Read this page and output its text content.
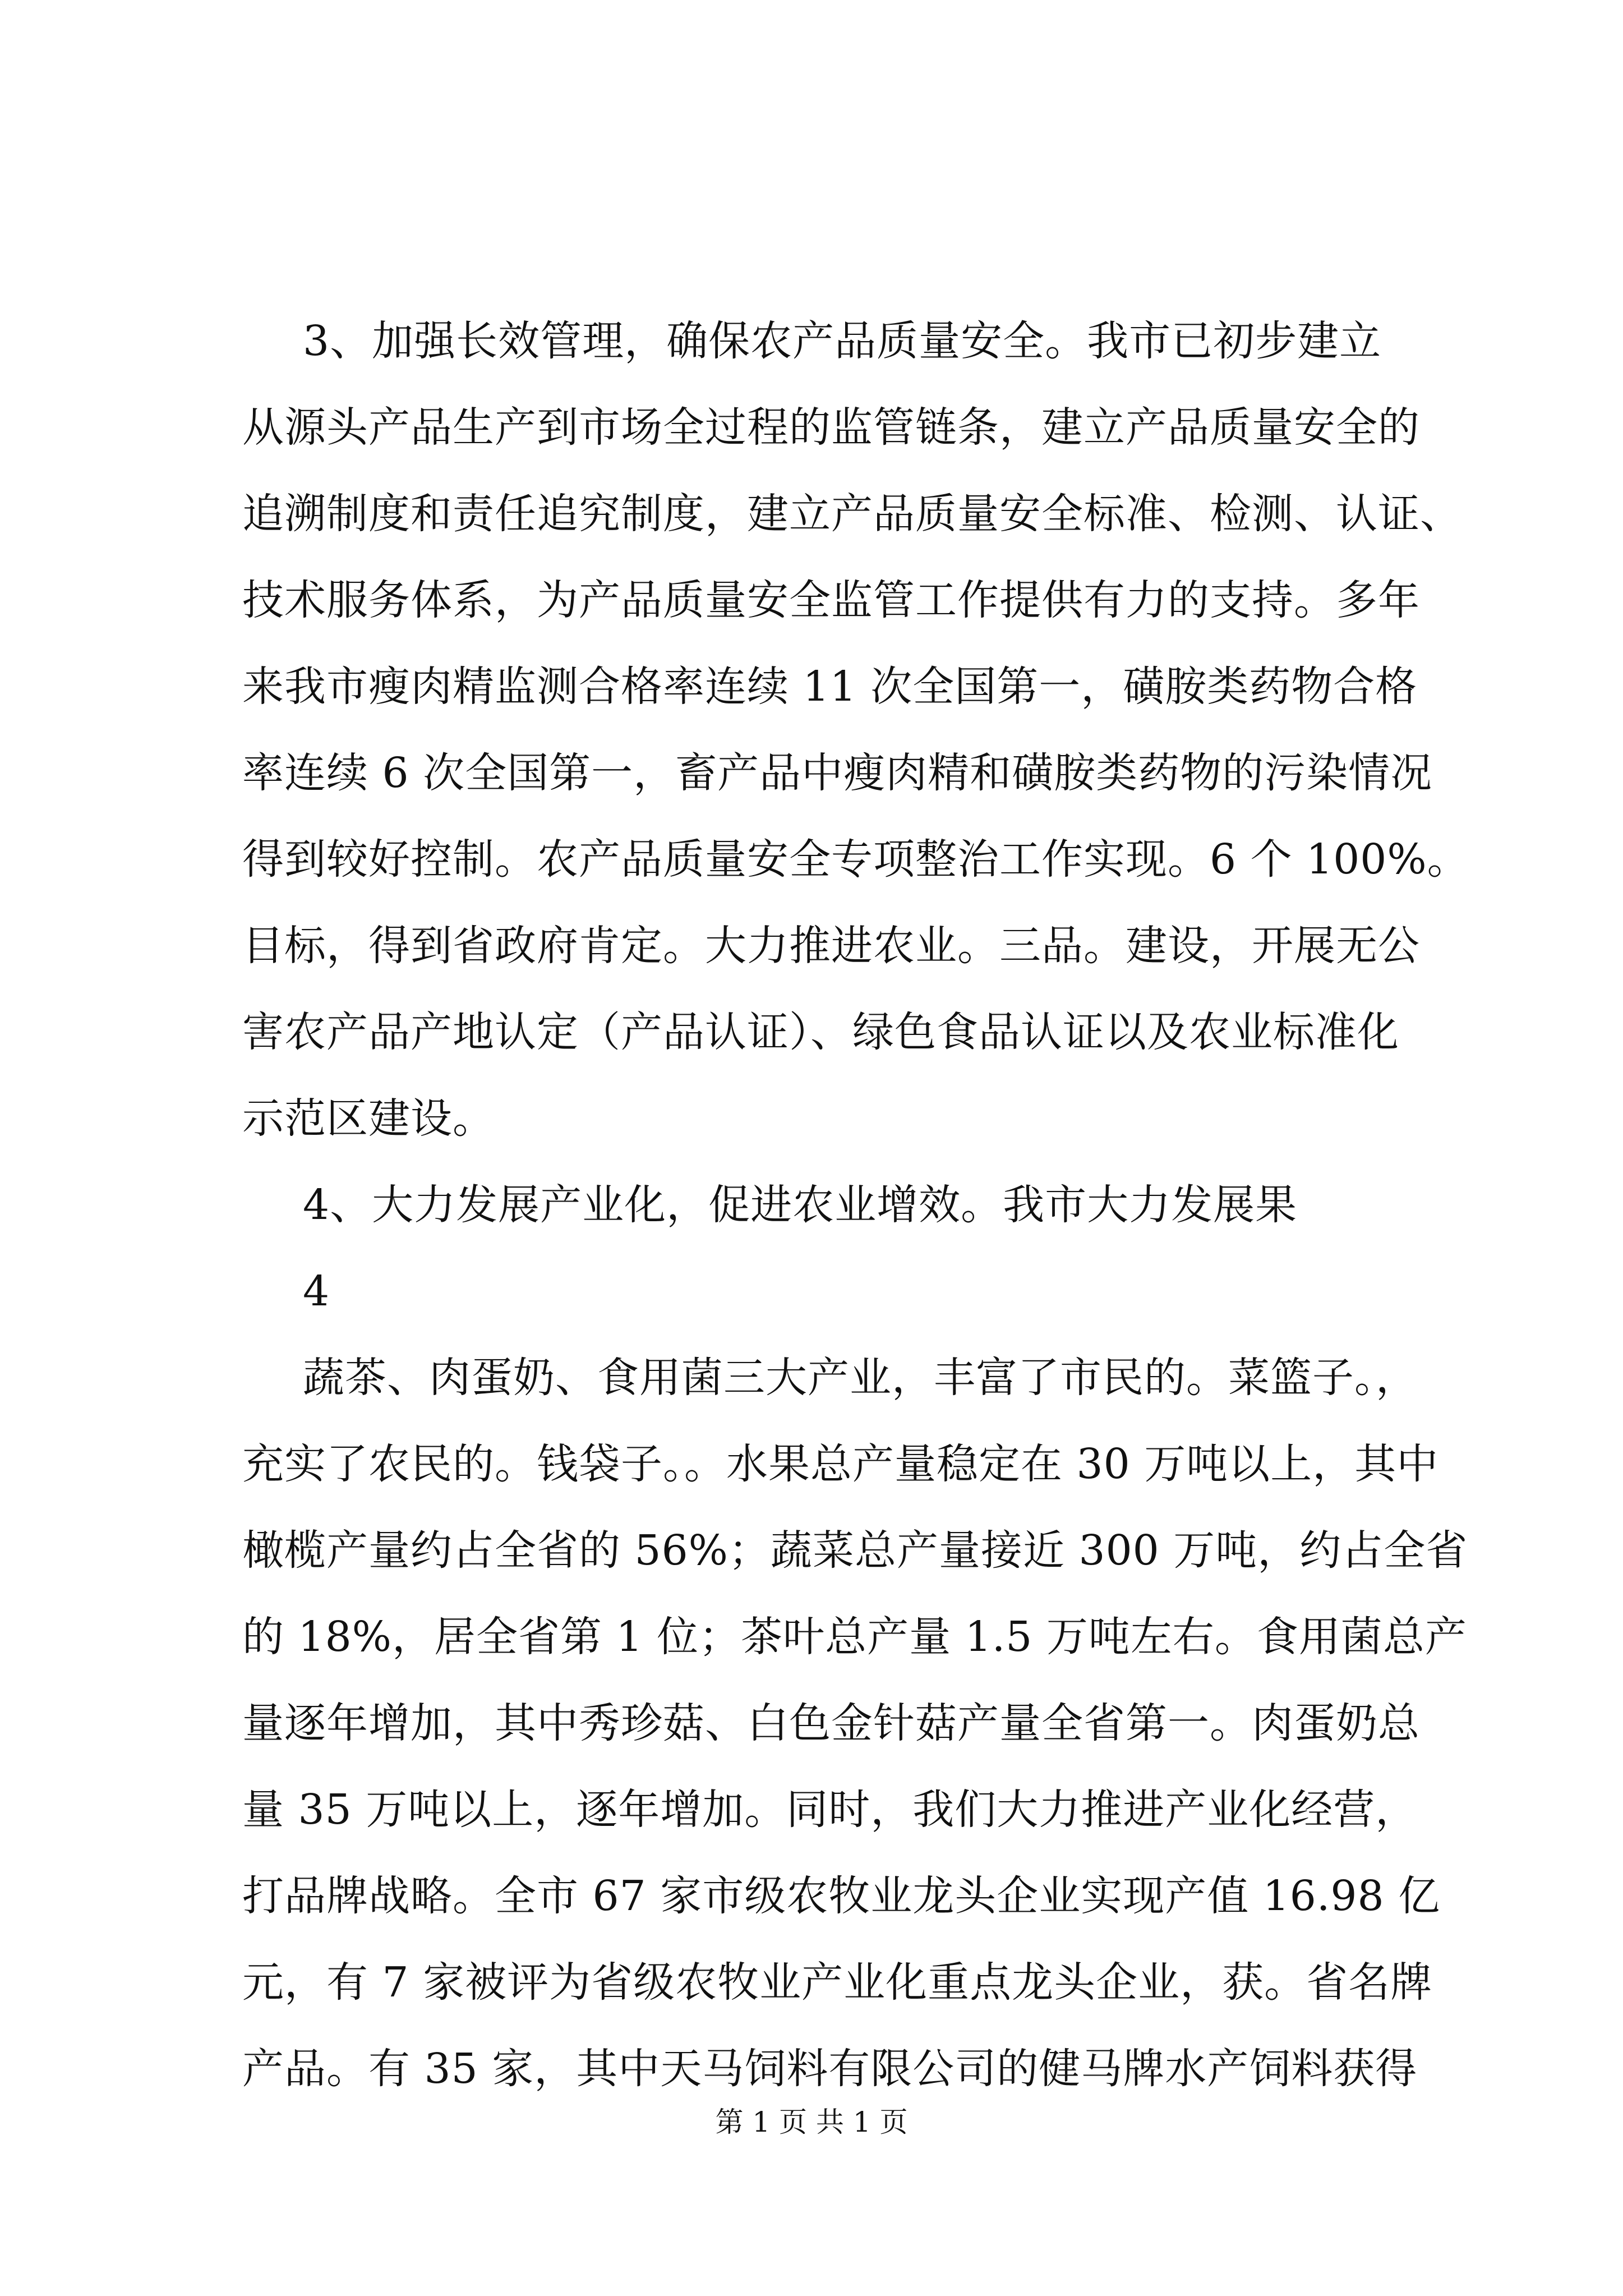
3、加强长效管理，确保农产品质量安全。我市已初步建立
从源头产品生产到市场全过程的监管链条，建立产品质量安全的
追溯制度和责任追究制度，建立产品质量安全标准、检测、认证、
技术服务体系，为产品质量安全监管工作提供有力的支持。多年
来我市瘦肉精监测合格率连续 11 次全国第一，磺胺类药物合格
率连续 6 次全国第一，畜产品中瘦肉精和磺胺类药物的污染情况
得到较好控制。农产品质量安全专项整治工作实现。6 个 100%。
目标，得到省政府肯定。大力推进农业。三品。建设，开展无公
害农产品产地认定（产品认证）、绿色食品认证以及农业标准化
示范区建设。
4、大力发展产业化，促进农业增效。我市大力发展果
4
蔬茶、肉蛋奶、食用菌三大产业，丰富了市民的。菜篮子。，
充实了农民的。钱袋子。。水果总产量稳定在 30 万吨以上，其中
橄榄产量约占全省的 56%；蔬菜总产量接近 300 万吨，约占全省
的 18%，居全省第 1 位；茶叶总产量 1.5 万吨左右。食用菌总产
量逐年增加，其中秀珍菇、白色金针菇产量全省第一。肉蛋奶总
量 35 万吨以上，逐年增加。同时，我们大力推进产业化经营，
打品牌战略。全市 67 家市级农牧业龙头企业实现产值 16.98 亿
元，有 7 家被评为省级农牧业产业化重点龙头企业，获。省名牌
产品。有 35 家，其中天马饲料有限公司的健马牌水产饲料获得
第 1 页 共 1 页
